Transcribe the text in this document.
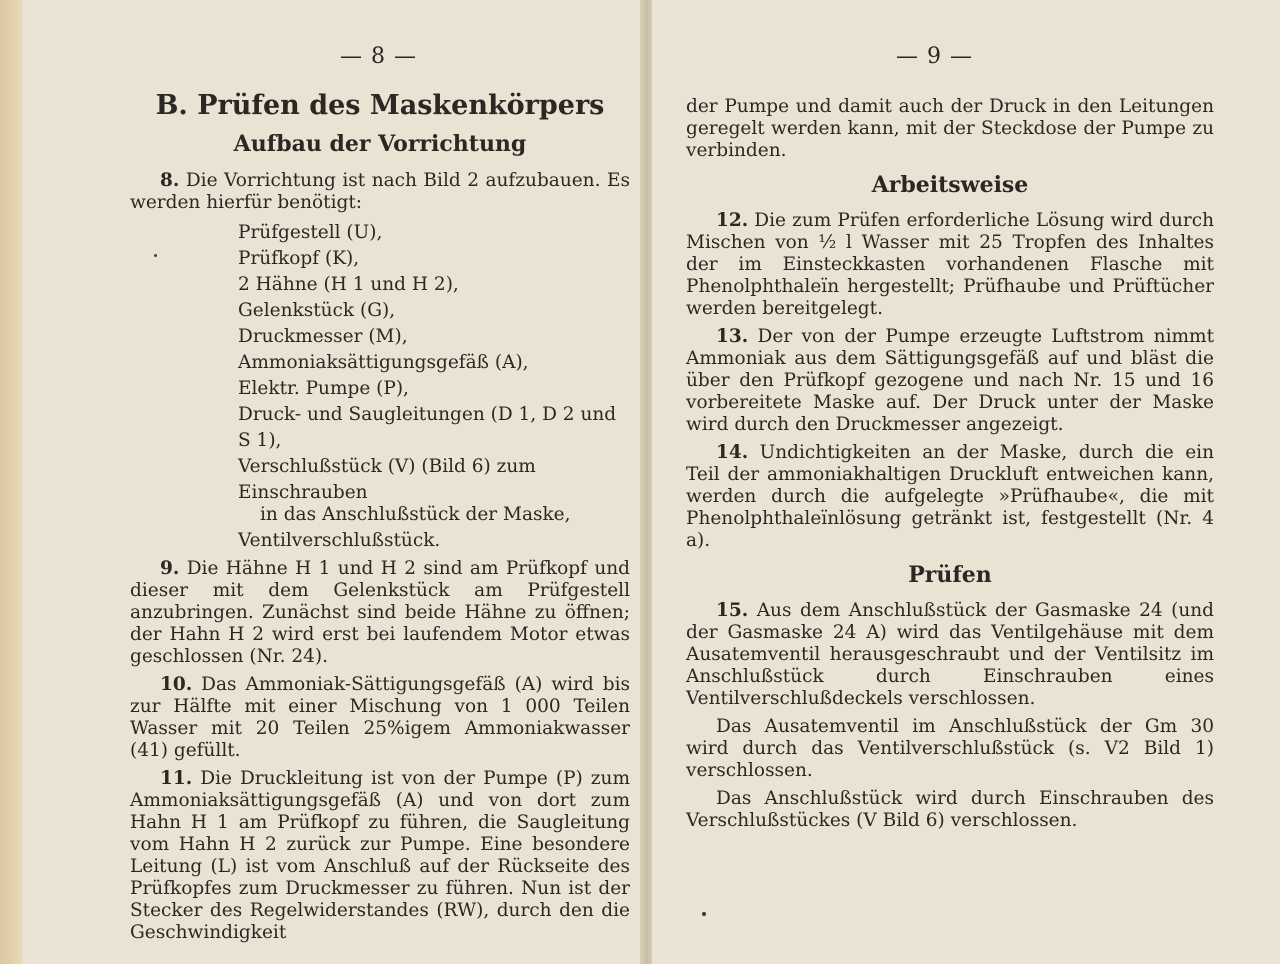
— 8 —
B. Prüfen des Maskenkörpers
Aufbau der Vorrichtung

8. Die Vorrichtung ist nach Bild 2 aufzubauen. Es werden hierfür benötigt:

Prüfgestell (U),
Prüfkopf (K),
2 Hähne (H 1 und H 2),
Gelenkstück (G),
Druckmesser (M),
Ammoniaksättigungsgefäß (A),
Elektr. Pumpe (P),
Druck- und Saugleitungen (D 1, D 2 und S 1),
Verschlußstück (V) (Bild 6) zum Einschrauben
in das Anschlußstück der Maske,
Ventilverschlußstück.

9. Die Hähne H 1 und H 2 sind am Prüfkopf und dieser mit dem Gelenkstück am Prüfgestell anzubringen. Zunächst sind beide Hähne zu öffnen; der Hahn H 2 wird erst bei laufendem Motor etwas geschlossen (Nr. 24).

10. Das Ammoniak-Sättigungsgefäß (A) wird bis zur Hälfte mit einer Mischung von 1 000 Teilen Wasser mit 20 Teilen 25%igem Ammoniakwasser (41) gefüllt.

11. Die Druckleitung ist von der Pumpe (P) zum Ammoniaksättigungsgefäß (A) und von dort zum Hahn H 1 am Prüfkopf zu führen, die Saugleitung vom Hahn H 2 zurück zur Pumpe. Eine besondere Leitung (L) ist vom Anschluß auf der Rückseite des Prüfkopfes zum Druckmesser zu führen. Nun ist der Stecker des Regelwiderstandes (RW), durch den die Geschwindigkeit

— 9 —

der Pumpe und damit auch der Druck in den Leitungen geregelt werden kann, mit der Steckdose der Pumpe zu verbinden.

Arbeitsweise

12. Die zum Prüfen erforderliche Lösung wird durch Mischen von ½ l Wasser mit 25 Tropfen des Inhaltes der im Einsteckkasten vorhandenen Flasche mit Phenolphthaleïn hergestellt; Prüfhaube und Prüftücher werden bereitgelegt.

13. Der von der Pumpe erzeugte Luftstrom nimmt Ammoniak aus dem Sättigungsgefäß auf und bläst die über den Prüfkopf gezogene und nach Nr. 15 und 16 vorbereitete Maske auf. Der Druck unter der Maske wird durch den Druckmesser angezeigt.

14. Undichtigkeiten an der Maske, durch die ein Teil der ammoniakhaltigen Druckluft entweichen kann, werden durch die aufgelegte »Prüfhaube«, die mit Phenolphthaleïnlösung getränkt ist, festgestellt (Nr. 4 a).

Prüfen

15. Aus dem Anschlußstück der Gasmaske 24 (und der Gasmaske 24 A) wird das Ventilgehäuse mit dem Ausatemventil herausgeschraubt und der Ventilsitz im Anschlußstück durch Einschrauben eines Ventilverschlußdeckels verschlossen.

Das Ausatemventil im Anschlußstück der Gm 30 wird durch das Ventilverschlußstück (s. V2 Bild 1) verschlossen.

Das Anschlußstück wird durch Einschrauben des Verschlußstückes (V Bild 6) verschlossen.
